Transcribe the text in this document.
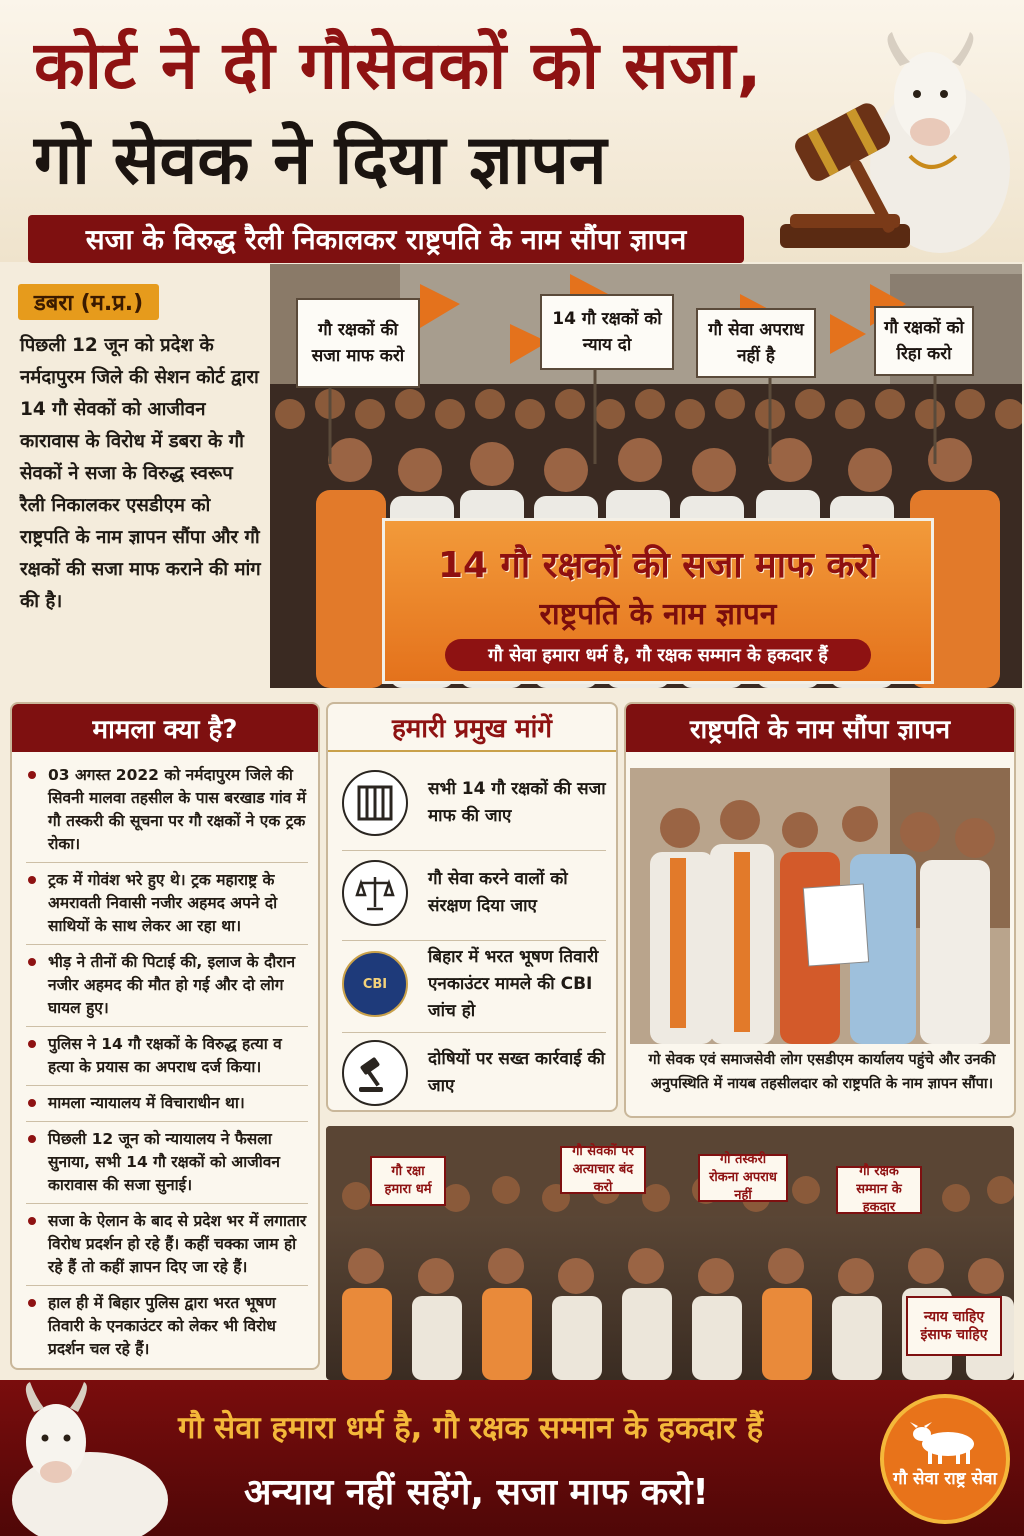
कोर्ट ने दी गौसेवकों को सजा,
गो सेवक ने दिया ज्ञापन
सजा के विरुद्ध रैली निकालकर राष्ट्रपति के नाम सौंपा ज्ञापन
डबरा (म.प्र.)

पिछली 12 जून को प्रदेश के नर्मदापुरम जिले की सेशन कोर्ट द्वारा 14 गौ सेवकों को आजीवन कारावास के विरोध में डबरा के गौ सेवकों ने सजा के विरुद्ध स्वरूप रैली निकालकर एसडीएम को राष्ट्रपति के नाम ज्ञापन सौंपा और गौ रक्षकों की सजा माफ कराने की मांग की है।

गौ रक्षकों की सजा माफ करो
14 गौ रक्षकों को न्याय दो
गौ सेवा अपराध नहीं है
गौ रक्षकों को रिहा करो
14 गौ रक्षकों की सजा माफ करो
राष्ट्रपति के नाम ज्ञापन
गौ सेवा हमारा धर्म है, गौ रक्षक सम्मान के हकदार हैं
मामला क्या है?
03 अगस्त 2022 को नर्मदापुरम जिले की सिवनी मालवा तहसील के पास बरखाड गांव में गौ तस्करी की सूचना पर गौ रक्षकों ने एक ट्रक रोका।
ट्रक में गोवंश भरे हुए थे। ट्रक महाराष्ट्र के अमरावती निवासी नजीर अहमद अपने दो साथियों के साथ लेकर आ रहा था।
भीड़ ने तीनों की पिटाई की, इलाज के दौरान नजीर अहमद की मौत हो गई और दो लोग घायल हुए।
पुलिस ने 14 गौ रक्षकों के विरुद्ध हत्या व हत्या के प्रयास का अपराध दर्ज किया।
मामला न्यायालय में विचाराधीन था।
पिछली 12 जून को न्यायालय ने फैसला सुनाया, सभी 14 गौ रक्षकों को आजीवन कारावास की सजा सुनाई।
सजा के ऐलान के बाद से प्रदेश भर में लगातार विरोध प्रदर्शन हो रहे हैं। कहीं चक्का जाम हो रहे हैं तो कहीं ज्ञापन दिए जा रहे हैं।
हाल ही में बिहार पुलिस द्वारा भरत भूषण तिवारी के एनकाउंटर को लेकर भी विरोध प्रदर्शन चल रहे हैं।
हमारी प्रमुख मांगें
सभी 14 गौ रक्षकों की सजा माफ की जाए
गौ सेवा करने वालों को संरक्षण दिया जाए
CBI
बिहार में भरत भूषण तिवारी एनकाउंटर मामले की CBI जांच हो
दोषियों पर सख्त कार्रवाई की जाए
राष्ट्रपति के नाम सौंपा ज्ञापन
गो सेवक एवं समाजसेवी लोग एसडीएम कार्यालय पहुंचे और उनकी अनुपस्थिति में नायब तहसीलदार को राष्ट्रपति के नाम ज्ञापन सौंपा।
गौ रक्षा हमारा धर्म
गौ सेवकों पर अत्याचार बंद करो
गो तस्करी रोकना अपराध नहीं
गौ रक्षक सम्मान के हकदार
न्याय चाहिए इंसाफ चाहिए
गौ सेवा हमारा धर्म है, गौ रक्षक सम्मान के हकदार हैं
अन्याय नहीं सहेंगे, सजा माफ करो!	गौ सेवा राष्ट्र सेवा
